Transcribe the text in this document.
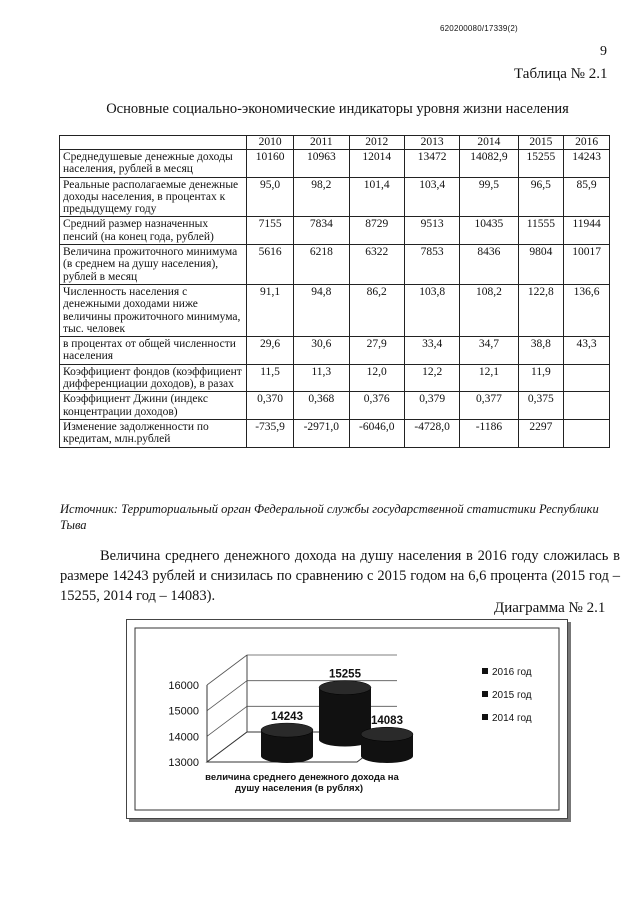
620200080/17339(2)
9
Таблица № 2.1
Основные социально-экономические индикаторы уровня жизни населения
	2010	2011	2012	2013	2014	2015	2016
Среднедушевые денежные доходы населения, рублей в месяц	10160	10963	12014	13472	14082,9	15255	14243
Реальные располагаемые денежные доходы населения, в процентах к предыдущему году	95,0	98,2	101,4	103,4	99,5	96,5	85,9
Средний размер назначенных пенсий (на конец года, рублей)	7155	7834	8729	9513	10435	11555	11944
Величина прожиточного минимума (в среднем на душу населения), рублей в месяц	5616	6218	6322	7853	8436	9804	10017
Численность населения с денежными доходами ниже величины прожиточного минимума, тыс. человек	91,1	94,8	86,2	103,8	108,2	122,8	136,6
в процентах от общей численности населения	29,6	30,6	27,9	33,4	34,7	38,8	43,3
Коэффициент фондов (коэффициент дифференциации доходов), в разах	11,5	11,3	12,0	12,2	12,1	11,9	
Коэффициент Джини (индекс концентрации доходов)	0,370	0,368	0,376	0,379	0,377	0,375	
Изменение задолженности по кредитам, млн.рублей	-735,9	-2971,0	-6046,0	-4728,0	-1186	2297	
Источник: Территориальный орган Федеральной службы государственной статистики Республики Тыва
Величина среднего денежного дохода на душу населения в 2016 году сложилась в размере 14243 рублей и снизилась по сравнению с 2015 годом на 6,6 процента (2015 год – 15255, 2014 год – 14083).
Диаграмма № 2.1
13000
14000
15000
16000
15255
14243	14083
величина среднего денежного дохода на
душу населения (в рублях)
2016 год
2015 год
2014 год
